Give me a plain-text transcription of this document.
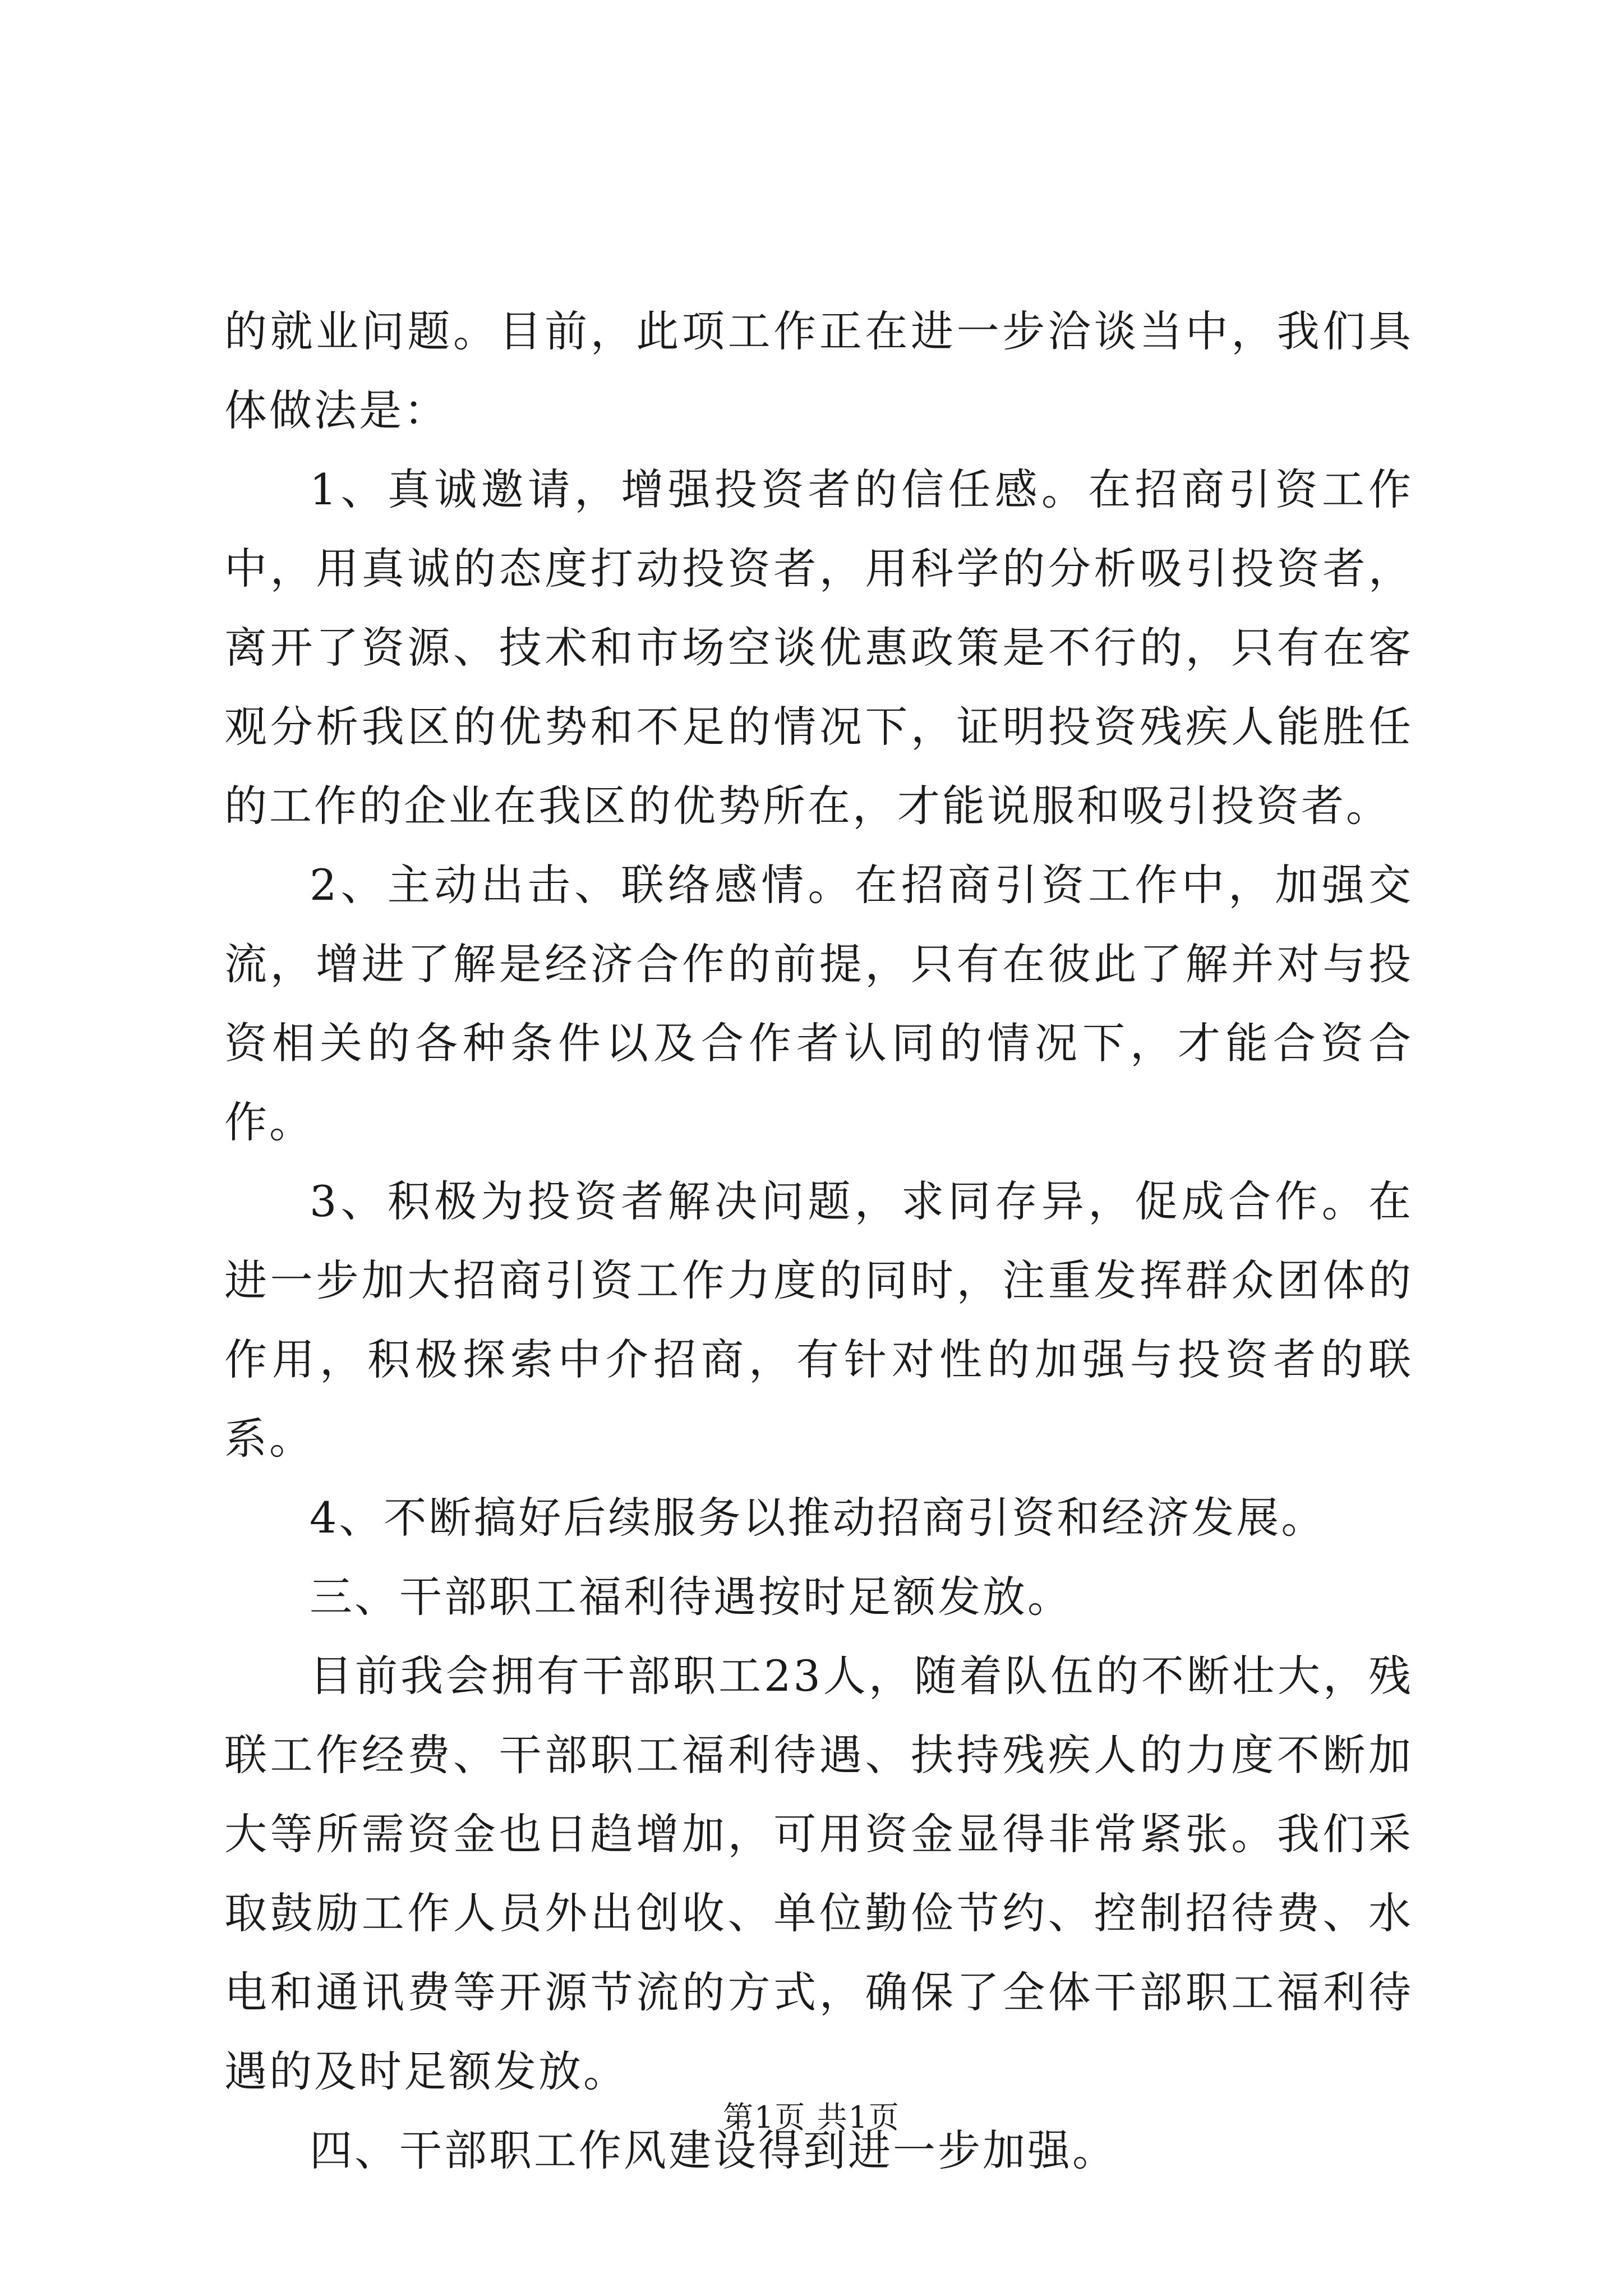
的就业问题。目前，此项工作正在进一步洽谈当中，我们具体做法是：

1、真诚邀请，增强投资者的信任感。在招商引资工作中，用真诚的态度打动投资者，用科学的分析吸引投资者，离开了资源、技术和市场空谈优惠政策是不行的，只有在客观分析我区的优势和不足的情况下，证明投资残疾人能胜任的工作的企业在我区的优势所在，才能说服和吸引投资者。

2、主动出击、联络感情。在招商引资工作中，加强交流，增进了解是经济合作的前提，只有在彼此了解并对与投资相关的各种条件以及合作者认同的情况下，才能合资合作。

3、积极为投资者解决问题，求同存异，促成合作。在进一步加大招商引资工作力度的同时，注重发挥群众团体的作用，积极探索中介招商，有针对性的加强与投资者的联系。

4、不断搞好后续服务以推动招商引资和经济发展。

三、干部职工福利待遇按时足额发放。

目前我会拥有干部职工23人，随着队伍的不断壮大，残联工作经费、干部职工福利待遇、扶持残疾人的力度不断加大等所需资金也日趋增加，可用资金显得非常紧张。我们采取鼓励工作人员外出创收、单位勤俭节约、控制招待费、水电和通讯费等开源节流的方式，确保了全体干部职工福利待遇的及时足额发放。

四、干部职工作风建设得到进一步加强。

第1页 共1页
